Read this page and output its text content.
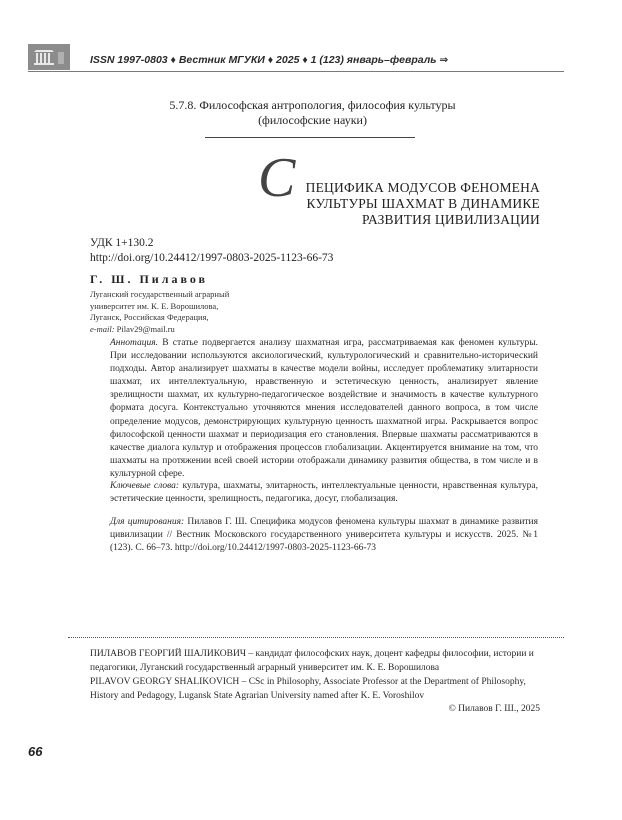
ISSN 1997-0803 ♦ Вестник МГУКИ ♦ 2025 ♦ 1 (123) январь–февраль ⇒
5.7.8. Философская антропология, философия культуры
(философские науки)
С ПЕЦИФИКА МОДУСОВ ФЕНОМЕНА
КУЛЬТУРЫ ШАХМАТ В ДИНАМИКЕ
РАЗВИТИЯ ЦИВИЛИЗАЦИИ
УДК 1+130.2
http://doi.org/10.24412/1997-0803-2025-1123-66-73
Г. Ш. Пилавов
Луганский государственный аграрный
университет им. К. Е. Ворошилова,
Луганск, Российская Федерация,
e-mail: Pilav29@mail.ru
Аннотация. В статье подвергается анализу шахматная игра, рассматриваемая как феномен культуры. При исследовании используются аксиологический, культурологический и сравнительно-исторический подходы. Автор анализирует шахматы в качестве модели войны, исследует проблематику элитарности шахмат, их интеллектуальную, нравственную и эстетическую ценность, анализирует явление зрелищности шахмат, их культурно-педагогическое воздействие и значимость в качестве культурного формата досуга. Контекстуально уточняются мнения исследователей данного вопроса, в том числе определение модусов, демонстрирующих культурную ценность шахматной игры. Раскрывается вопрос философской ценности шахмат и периодизация его становления. Впервые шахматы рассматриваются в качестве диалога культур и отображения процессов глобализации. Акцентируется внимание на том, что шахматы на протяжении всей своей истории отображали динамику развития общества, в том числе и в культурной сфере.
Ключевые слова: культура, шахматы, элитарность, интеллектуальные ценности, нравственная культура, эстетические ценности, зрелищность, педагогика, досуг, глобализация.
Для цитирования: Пилавов Г. Ш. Специфика модусов феномена культуры шахмат в динамике развития цивилизации // Вестник Московского государственного университета культуры и искусств. 2025. №1 (123). С. 66–73. http://doi.org/10.24412/1997-0803-2025-1123-66-73
ПИЛАВОВ ГЕОРГИЙ ШАЛИКОВИЧ – кандидат философских наук, доцент кафедры философии, истории и педагогики, Луганский государственный аграрный университет им. К. Е. Ворошилова
PILAVOV GEORGY SHALIKOVICH – CSc in Philosophy, Associate Professor at the Department of Philosophy, History and Pedagogy, Lugansk State Agrarian University named after K. E. Voroshilov
© Пилавов Г. Ш., 2025
66
